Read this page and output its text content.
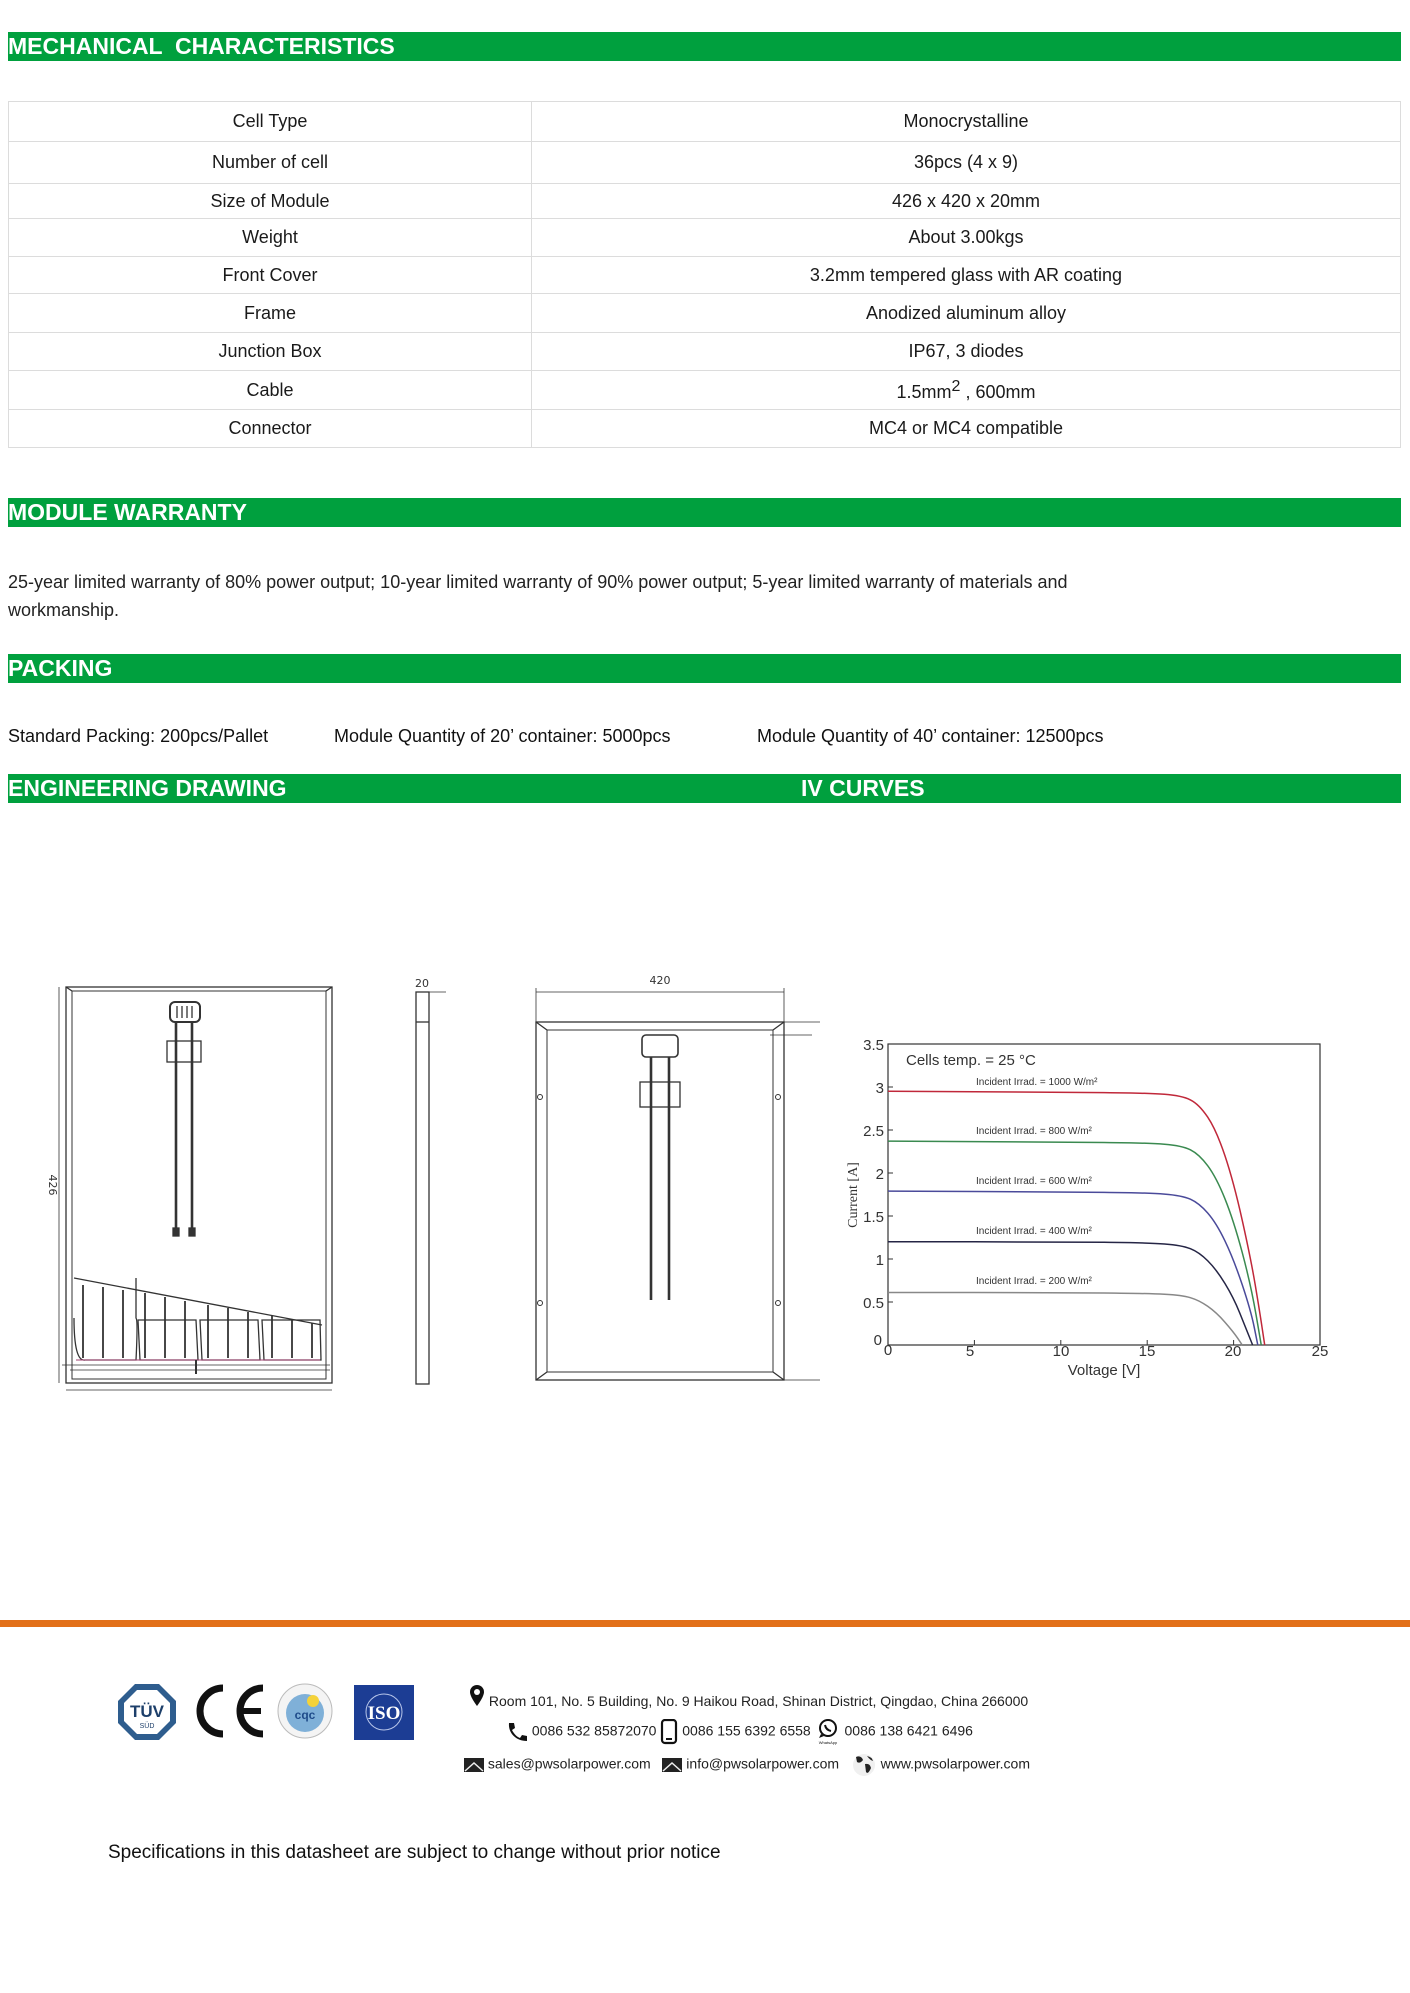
MECHANICAL  CHARACTERISTICS
Cell Type	Monocrystalline
Number of cell	36pcs (4 x 9)
Size of Module	426 x 420 x 20mm
Weight	About 3.00kgs
Front Cover	3.2mm tempered glass with AR coating
Frame	Anodized aluminum alloy
Junction Box	IP67, 3 diodes
Cable	$1.5mm^2$ , 600mm
Connector	MC4 or MC4 compatible
MODULE WARRANTY
25-year limited warranty of 80% power output; 10-year limited warranty of 90% power output; 5-year limited warranty of materials and
workmanship.
PACKING
Standard Packing: 200pcs/Pallet	Module Quantity of 20’ container: 5000pcs	Module Quantity of 40’ container: 12500pcs
ENGINEERING DRAWING	IV CURVES
426
20	420
3.5
3
2.5
2
1.5
1
0.5
0
0	5	10	15	20	25
Voltage [V]
Current [A]
Cells temp. = 25 °C
Incident Irrad. = 1000 W/m²
Incident Irrad. = 800 W/m²
Incident Irrad. = 600 W/m²
Incident Irrad. = 400 W/m²
Incident Irrad. = 200 W/m²
TÜV
SÜD
cqc	ISO
Room 101, No. 5 Building, No. 9 Haikou Road, Shinan District, Qingdao, China 266000
0086 532 85872070 0086 155 6392 6558
WhatsApp
0086 138 6421 6496
sales@pwsolarpower.com	info@pwsolarpower.com	www.pwsolarpower.com
Specifications in this datasheet are subject to change without prior notice
